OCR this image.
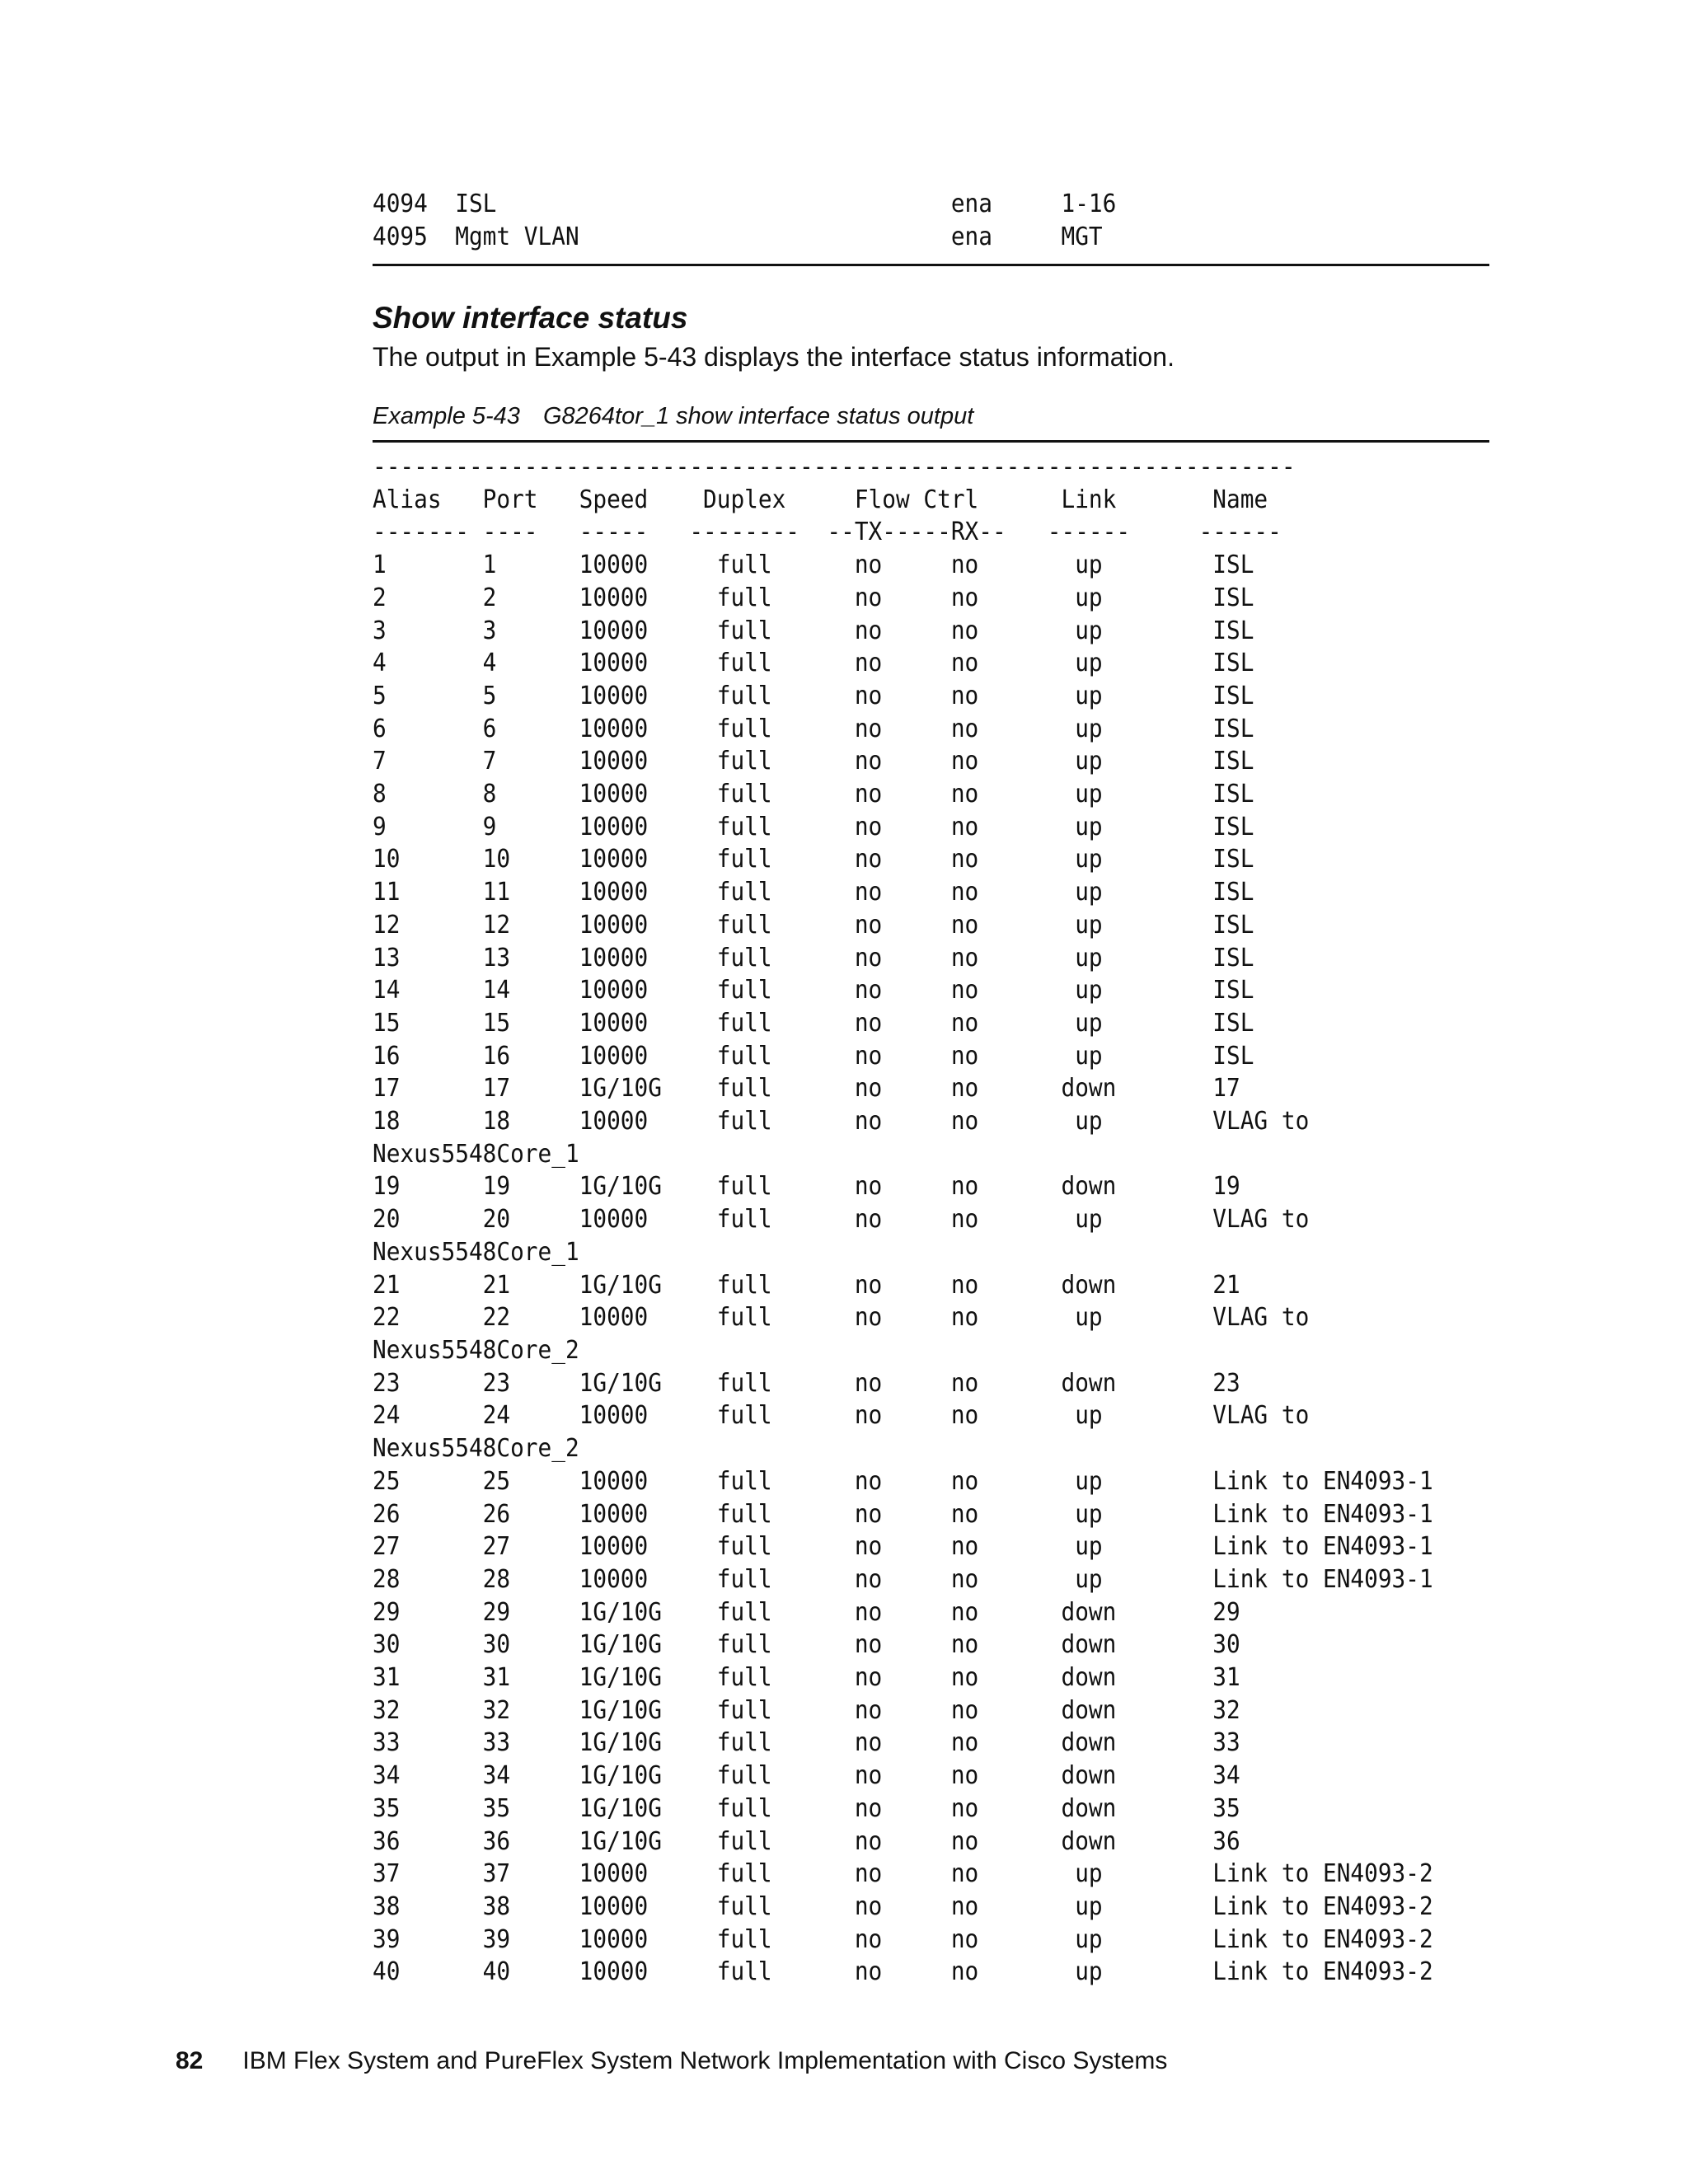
4094  ISL                                 ena     1-16
4095  Mgmt VLAN                           ena     MGT
Show interface status
The output in Example 5-43 displays the interface status information.
Example 5-43 G8264tor_1 show interface status output
-------------------------------------------------------------------
Alias   Port   Speed    Duplex     Flow Ctrl      Link       Name
------- ----   -----   --------  --TX-----RX--   ------     ------
1       1      10000     full      no     no       up        ISL
2       2      10000     full      no     no       up        ISL
3       3      10000     full      no     no       up        ISL
4       4      10000     full      no     no       up        ISL
5       5      10000     full      no     no       up        ISL
6       6      10000     full      no     no       up        ISL
7       7      10000     full      no     no       up        ISL
8       8      10000     full      no     no       up        ISL
9       9      10000     full      no     no       up        ISL
10      10     10000     full      no     no       up        ISL
11      11     10000     full      no     no       up        ISL
12      12     10000     full      no     no       up        ISL
13      13     10000     full      no     no       up        ISL
14      14     10000     full      no     no       up        ISL
15      15     10000     full      no     no       up        ISL
16      16     10000     full      no     no       up        ISL
17      17     1G/10G    full      no     no      down       17
18      18     10000     full      no     no       up        VLAG to
Nexus5548Core_1
19      19     1G/10G    full      no     no      down       19
20      20     10000     full      no     no       up        VLAG to
Nexus5548Core_1
21      21     1G/10G    full      no     no      down       21
22      22     10000     full      no     no       up        VLAG to
Nexus5548Core_2
23      23     1G/10G    full      no     no      down       23
24      24     10000     full      no     no       up        VLAG to
Nexus5548Core_2
25      25     10000     full      no     no       up        Link to EN4093-1
26      26     10000     full      no     no       up        Link to EN4093-1
27      27     10000     full      no     no       up        Link to EN4093-1
28      28     10000     full      no     no       up        Link to EN4093-1
29      29     1G/10G    full      no     no      down       29
30      30     1G/10G    full      no     no      down       30
31      31     1G/10G    full      no     no      down       31
32      32     1G/10G    full      no     no      down       32
33      33     1G/10G    full      no     no      down       33
34      34     1G/10G    full      no     no      down       34
35      35     1G/10G    full      no     no      down       35
36      36     1G/10G    full      no     no      down       36
37      37     10000     full      no     no       up        Link to EN4093-2
38      38     10000     full      no     no       up        Link to EN4093-2
39      39     10000     full      no     no       up        Link to EN4093-2
40      40     10000     full      no     no       up        Link to EN4093-2
82 IBM Flex System and PureFlex System Network Implementation with Cisco Systems
